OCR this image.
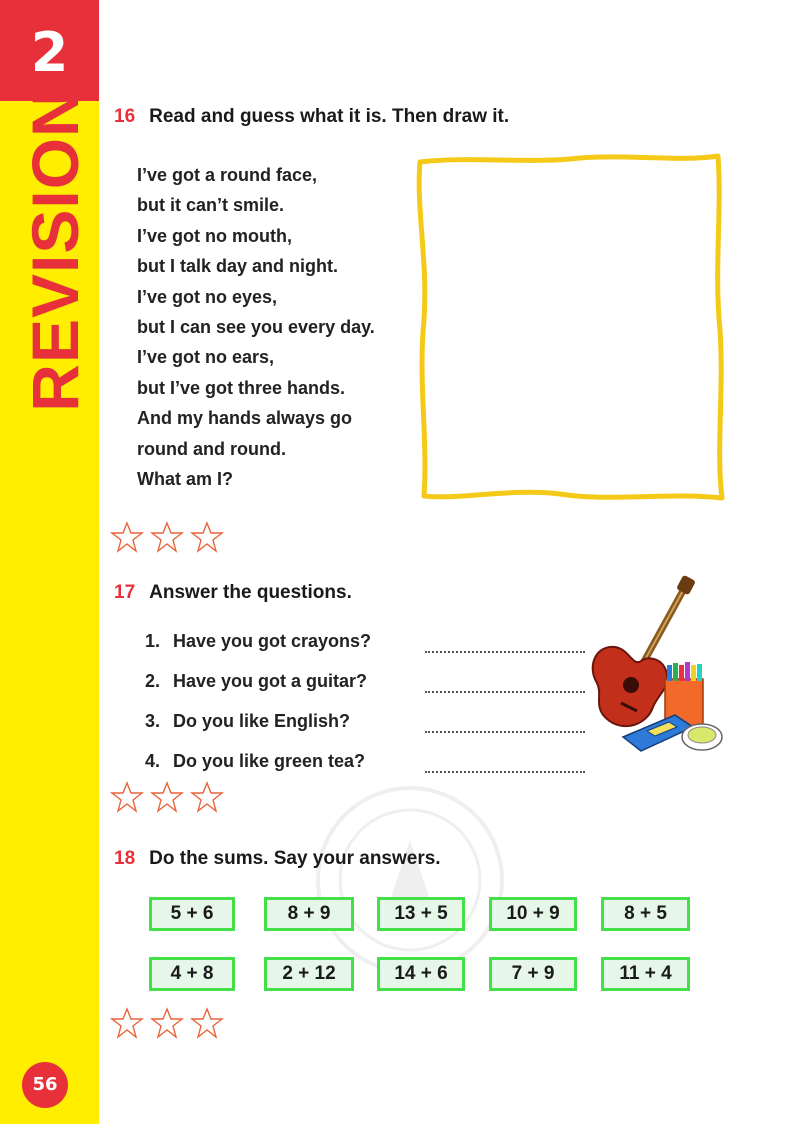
2
REVISION
56
16 Read and guess what it is. Then draw it.
I’ve got a round face,
but it can’t smile.
I’ve got no mouth,
but I talk day and night.
I’ve got no eyes,
but I can see you every day.
I’ve got no ears,
but I’ve got three hands.
And my hands always go
round and round.
What am I?
17 Answer the questions.
1. Have you got crayons?
2. Have you got a guitar?
3. Do you like English?
4. Do you like green tea?
18 Do the sums. Say your answers.
5 + 6	8 + 9	13 + 5	10 + 9	8 + 5
4 + 8	2 + 12	14 + 6	7 + 9	11 + 4
